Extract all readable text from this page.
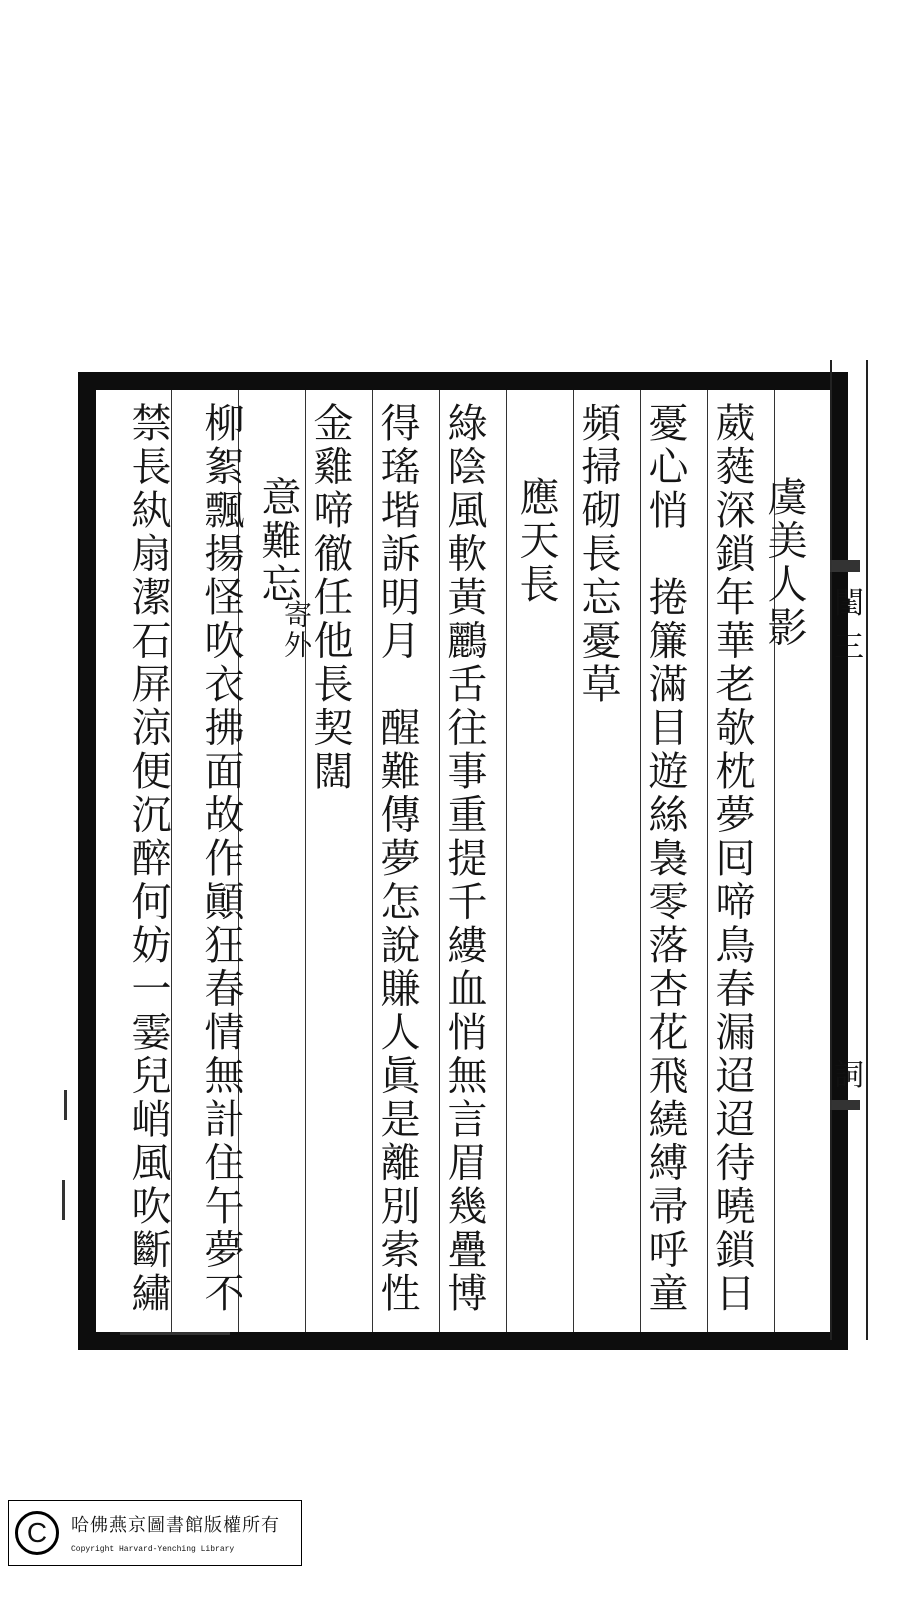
虞美人影
葳蕤深鎖年華老欹枕夢囘啼鳥春漏迢迢待曉鎖日
憂心悄　捲簾滿目遊絲裊零落杏花飛繞縛帚呼童
頻掃砌長忘憂草
應天長
綠陰風軟黃鸝舌往事重提千縷血悄無言眉幾疊博
得瑤堦訴明月　醒難傳夢怎說賺人眞是離別索性
金雞啼徹任他長契闊
意難忘
寄外
柳絮飄揚怪吹衣拂面故作顚狂春情無計住午夢不
禁長紈扇潔石屏涼便沉醉何妨一霎兒峭風吹斷繡	閨
三
詞
C	哈佛燕京圖書館版權所有
Copyright Harvard-Yenching Library
